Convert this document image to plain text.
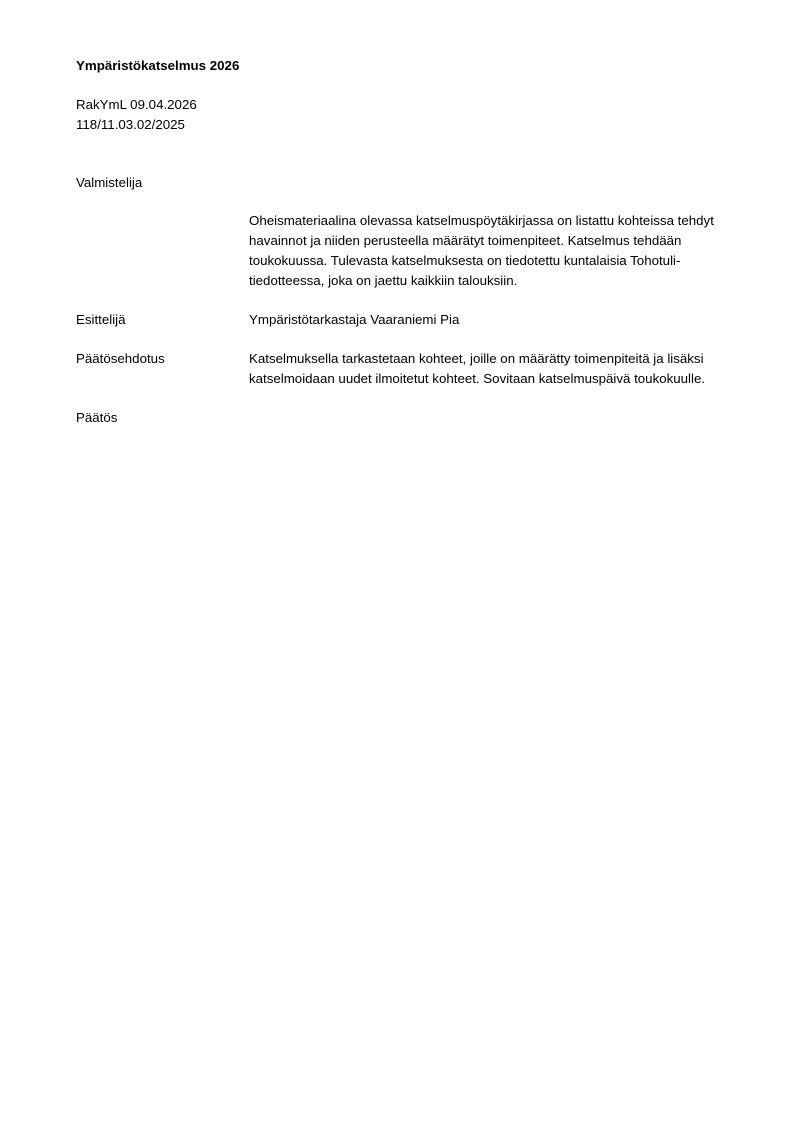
Ympäristökatselmus 2026
RakYmL 09.04.2026
118/11.03.02/2025
Valmistelija
Oheismateriaalina olevassa katselmuspöytäkirjassa on listattu kohteissa tehdyt havainnot ja niiden perusteella määrätyt toimenpiteet. Katselmus tehdään toukokuussa. Tulevasta katselmuksesta on tiedotettu kuntalaisia Tohotuli-tiedotteessa, joka on jaettu kaikkiin talouksiin.
Esittelijä	Ympäristötarkastaja Vaaraniemi Pia
Päätösehdotus	Katselmuksella tarkastetaan kohteet, joille on määrätty toimenpiteitä ja lisäksi katselmoidaan uudet ilmoitetut kohteet. Sovitaan katselmuspäivä toukokuulle.
Päätös
